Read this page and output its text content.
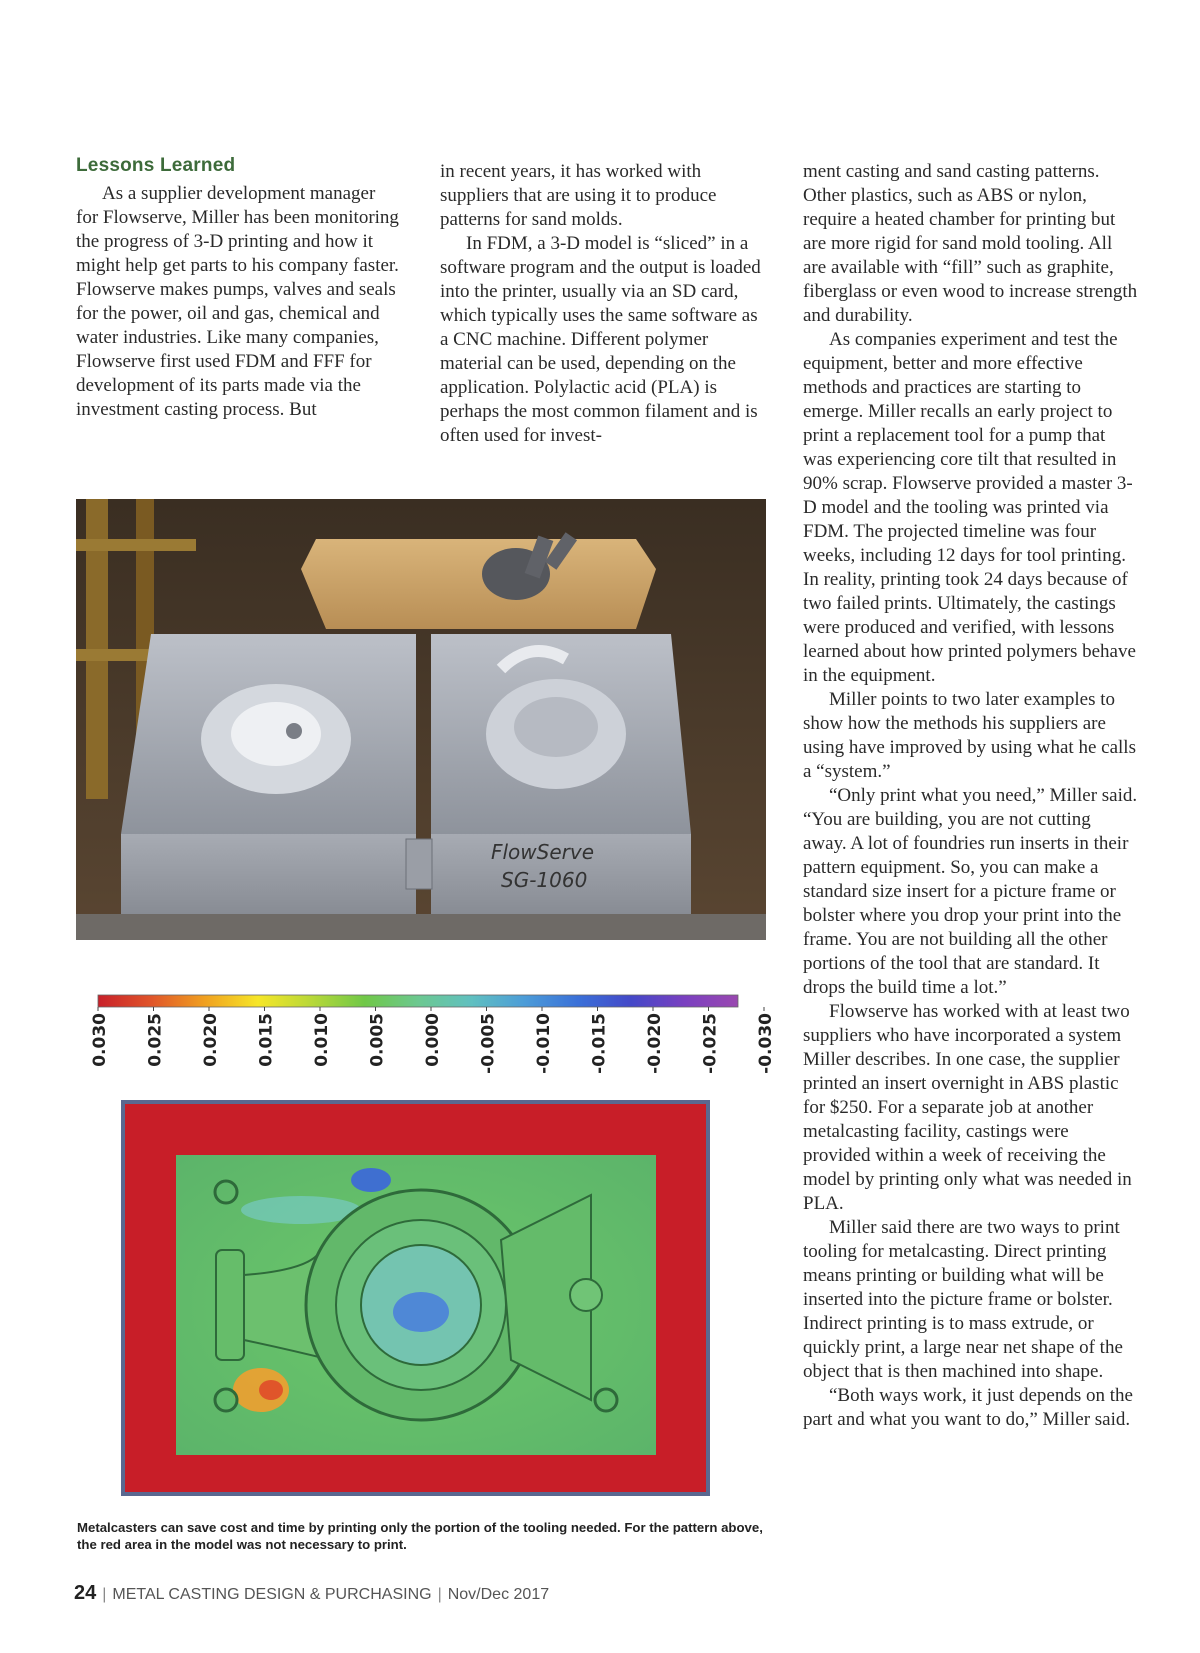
Lessons Learned

As a supplier development manager for Flowserve, Miller has been monitoring the progress of 3-D printing and how it might help get parts to his company faster. Flowserve makes pumps, valves and seals for the power, oil and gas, chemical and water industries. Like many companies, Flowserve first used FDM and FFF for development of its parts made via the investment casting process. But

in recent years, it has worked with suppliers that are using it to produce patterns for sand molds.

In FDM, a 3-D model is “sliced” in a software program and the output is loaded into the printer, usually via an SD card, which typically uses the same software as a CNC machine. Different polymer material can be used, depending on the application. Polylactic acid (PLA) is perhaps the most common filament and is often used for invest-

ment casting and sand casting patterns. Other plastics, such as ABS or nylon, require a heated chamber for printing but are more rigid for sand mold tooling. All are available with “fill” such as graphite, fiberglass or even wood to increase strength and durability.

As companies experiment and test the equipment, better and more effective methods and practices are starting to emerge. Miller recalls an early project to print a replacement tool for a pump that was experiencing core tilt that resulted in 90% scrap. Flowserve provided a master 3-D model and the tooling was printed via FDM. The projected timeline was four weeks, including 12 days for tool printing. In reality, printing took 24 days because of two failed prints. Ultimately, the castings were produced and verified, with lessons learned about how printed polymers behave in the equipment.

Miller points to two later examples to show how the methods his suppliers are using have improved by using what he calls a “system.”

“Only print what you need,” Miller said. “You are building, you are not cutting away. A lot of foundries run inserts in their pattern equipment. So, you can make a standard size insert for a picture frame or bolster where you drop your print into the frame. You are not building all the other portions of the tool that are standard. It drops the build time a lot.”

Flowserve has worked with at least two suppliers who have incorporated a system Miller describes. In one case, the supplier printed an insert overnight in ABS plastic for $250. For a separate job at another metalcasting facility, castings were provided within a week of receiving the model by printing only what was needed in PLA.

Miller said there are two ways to print tooling for metalcasting. Direct printing means printing or building what will be inserted into the picture frame or bolster. Indirect printing is to mass extrude, or quickly print, a large near net shape of the object that is then machined into shape.

“Both ways work, it just depends on the part and what you want to do,” Miller said.

FlowServe
SG-1060
0.030 0.025 0.020 0.015 0.010 0.005 0.000 -0.005 -0.010 -0.015 -0.020 -0.025 -0.030
Metalcasters can save cost and time by printing only the portion of the tooling needed. For the pattern above, the red area in the model was not necessary to print.
24 | METAL CASTING DESIGN & PURCHASING | Nov/Dec 2017
